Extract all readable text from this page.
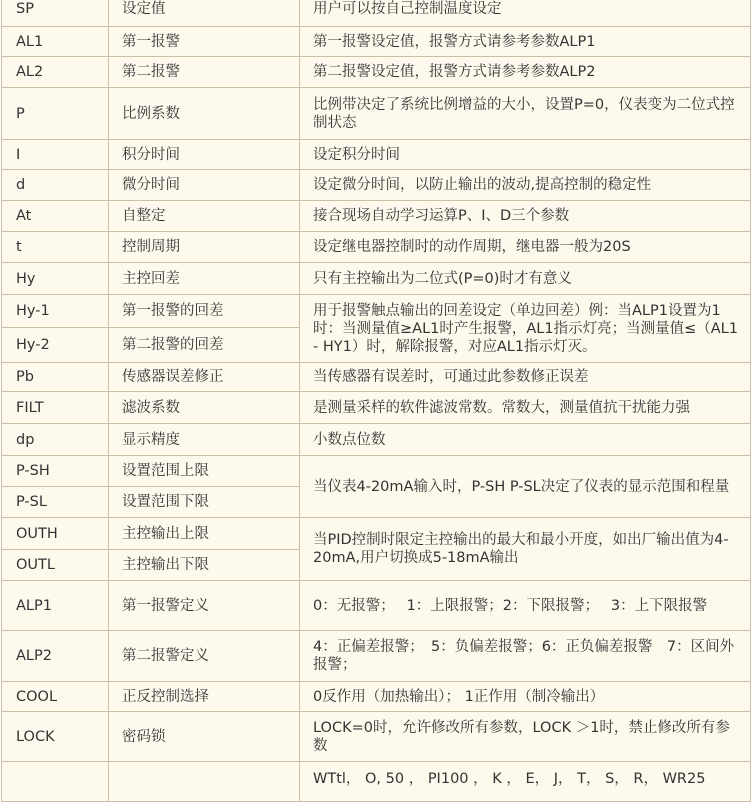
SP	设定值	用户可以按自己控制温度设定
AL1	第一报警	第一报警设定值，报警方式请参考参数ALP1
AL2	第二报警	第二报警设定值，报警方式请参考参数ALP2
P	比例系数	比例带决定了系统比例增益的大小，设置P=0，仪表变为二位式控制状态
I	积分时间	设定积分时间
d	微分时间	设定微分时间，以防止输出的波动,提高控制的稳定性
At	自整定	接合现场自动学习运算P、I、D三个参数
t	控制周期	设定继电器控制时的动作周期，继电器一般为20S
Hy	主控回差	只有主控输出为二位式(P=0)时才有意义
Hy-1	第一报警的回差	用于报警触点输出的回差设定（单边回差）例：当ALP1设置为1时：当测量值≥AL1时产生报警，AL1指示灯亮；当测量值≤（AL1 - HY1）时，解除报警，对应AL1指示灯灭。
Hy-2	第二报警的回差	
Pb	传感器误差修正	当传感器有误差时，可通过此参数修正误差
FILT	滤波系数	是测量采样的软件滤波常数。常数大，测量值抗干扰能力强
dp	显示精度	小数点位数
P-SH	设置范围上限	当仪表4-20mA输入时，P-SH P-SL决定了仪表的显示范围和程量
P-SL	设置范围下限	
OUTH	主控输出上限	当PID控制时限定主控输出的最大和最小开度，如出厂输出值为4-20mA,用户切换成5-18mA输出
OUTL	主控输出下限	
ALP1	第一报警定义	0：无报警；　 1：上限报警；2：下限报警；　 3：上下限报警
ALP2	第二报警定义	4：正偏差报警；　5：负偏差报警；6：正负偏差报警　7：区间外报警；
COOL	正反控制选择	0反作用（加热输出）； 1正作用（制冷输出）
LOCK	密码锁	LOCK=0时，允许修改所有参数，LOCK ＞1时，禁止修改所有参数
		WTtl， O, 50 ， PI100 ， K ， E， J， T， S， R， WR25
